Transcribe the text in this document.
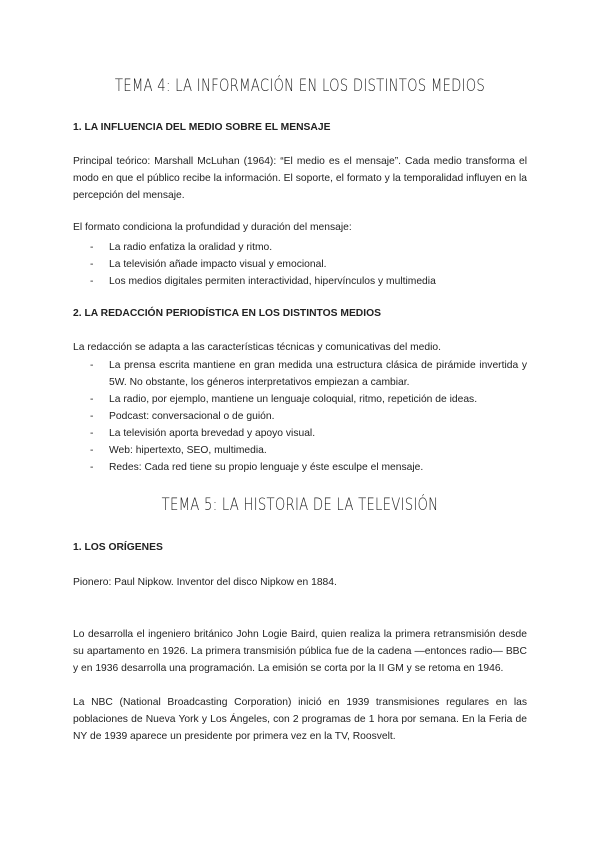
TEMA 4: LA INFORMACIÓN EN LOS DISTINTOS MEDIOS
1. LA INFLUENCIA DEL MEDIO SOBRE EL MENSAJE
Principal teórico: Marshall McLuhan (1964): “El medio es el mensaje”. Cada medio transforma el modo en que el público recibe la información. El soporte, el formato y la temporalidad influyen en la percepción del mensaje.
El formato condiciona la profundidad y duración del mensaje:
- La radio enfatiza la oralidad y ritmo.
- La televisión añade impacto visual y emocional.
- Los medios digitales permiten interactividad, hipervínculos y multimedia
2. LA REDACCIÓN PERIODÍSTICA EN LOS DISTINTOS MEDIOS
La redacción se adapta a las características técnicas y comunicativas del medio.
- La prensa escrita mantiene en gran medida una estructura clásica de pirámide invertida y 5W. No obstante, los géneros interpretativos empiezan a cambiar.
- La radio, por ejemplo, mantiene un lenguaje coloquial, ritmo, repetición de ideas.
- Podcast: conversacional o de guión.
- La televisión aporta brevedad y apoyo visual.
- Web: hipertexto, SEO, multimedia.
- Redes: Cada red tiene su propio lenguaje y éste esculpe el mensaje.
TEMA 5: LA HISTORIA DE LA TELEVISIÓN
1. LOS ORÍGENES
Pionero: Paul Nipkow. Inventor del disco Nipkow en 1884.
Lo desarrolla el ingeniero británico John Logie Baird, quien realiza la primera retransmisión desde su apartamento en 1926. La primera transmisión pública fue de la cadena —entonces radio— BBC y en 1936 desarrolla una programación. La emisión se corta por la II GM y se retoma en 1946.
La NBC (National Broadcasting Corporation) inició en 1939 transmisiones regulares en las poblaciones de Nueva York y Los Ángeles, con 2 programas de 1 hora por semana. En la Feria de NY de 1939 aparece un presidente por primera vez en la TV, Roosvelt.
